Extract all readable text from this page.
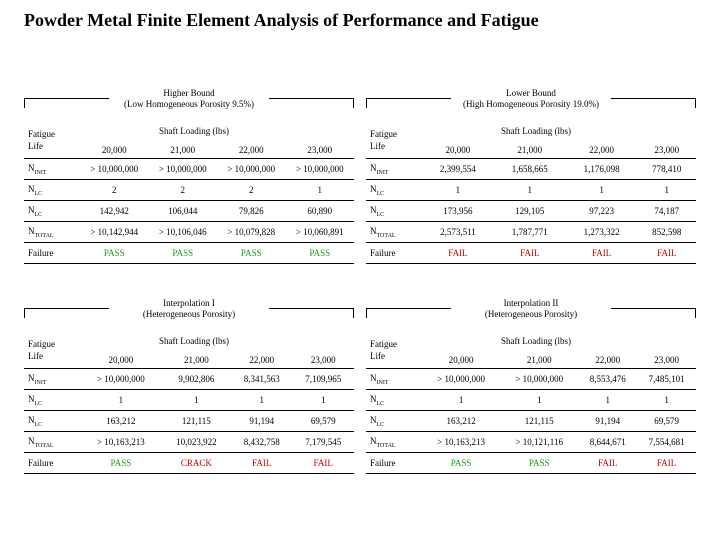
Powder Metal Finite Element Analysis of Performance and Fatigue
Higher Bound
(Low Homogeneous Porosity 9.5%)
Fatigue
Life
Shaft Loading (lbs)
	20,000	21,000	22,000	23,000
$N_{INIT}$	> 10,000,000	> 10,000,000	> 10,000,000	> 10,000,000
$N_{LC}$	2	2	2	1
$N_{LC}$	142,942	106,044	79,826	60,890
$N_{TOTAL}$	> 10,142,944	> 10,106,046	> 10,079,828	> 10,060,891
Failure	PASS	PASS	PASS	PASS
Lower Bound
(High Homogeneous Porosity 19.0%)
Fatigue
Life
Shaft Loading (lbs)
	20,000	21,000	22,000	23,000
$N_{INIT}$	2,399,554	1,658,665	1,176,098	778,410
$N_{LC}$	1	1	1	1
$N_{LC}$	173,956	129,105	97,223	74,187
$N_{TOTAL}$	2,573,511	1,787,771	1,273,322	852,598
Failure	FAIL	FAIL	FAIL	FAIL
Interpolation I
(Heterogeneous Porosity)
Fatigue
Life
Shaft Loading (lbs)
	20,000	21,000	22,000	23,000
$N_{INIT}$	> 10,000,000	9,902,806	8,341,563	7,109,965
$N_{LC}$	1	1	1	1
$N_{LC}$	163,212	121,115	91,194	69,579
$N_{TOTAL}$	> 10,163,213	10,023,922	8,432,758	7,179,545
Failure	PASS	CRACK	FAIL	FAIL
Interpolation II
(Heterogeneous Porosity)
Fatigue
Life
Shaft Loading (lbs)
	20,000	21,000	22,000	23,000
$N_{INIT}$	> 10,000,000	> 10,000,000	8,553,476	7,485,101
$N_{LC}$	1	1	1	1
$N_{LC}$	163,212	121,115	91,194	69,579
$N_{TOTAL}$	> 10,163,213	> 10,121,116	8,644,671	7,554,681
Failure	PASS	PASS	FAIL	FAIL
